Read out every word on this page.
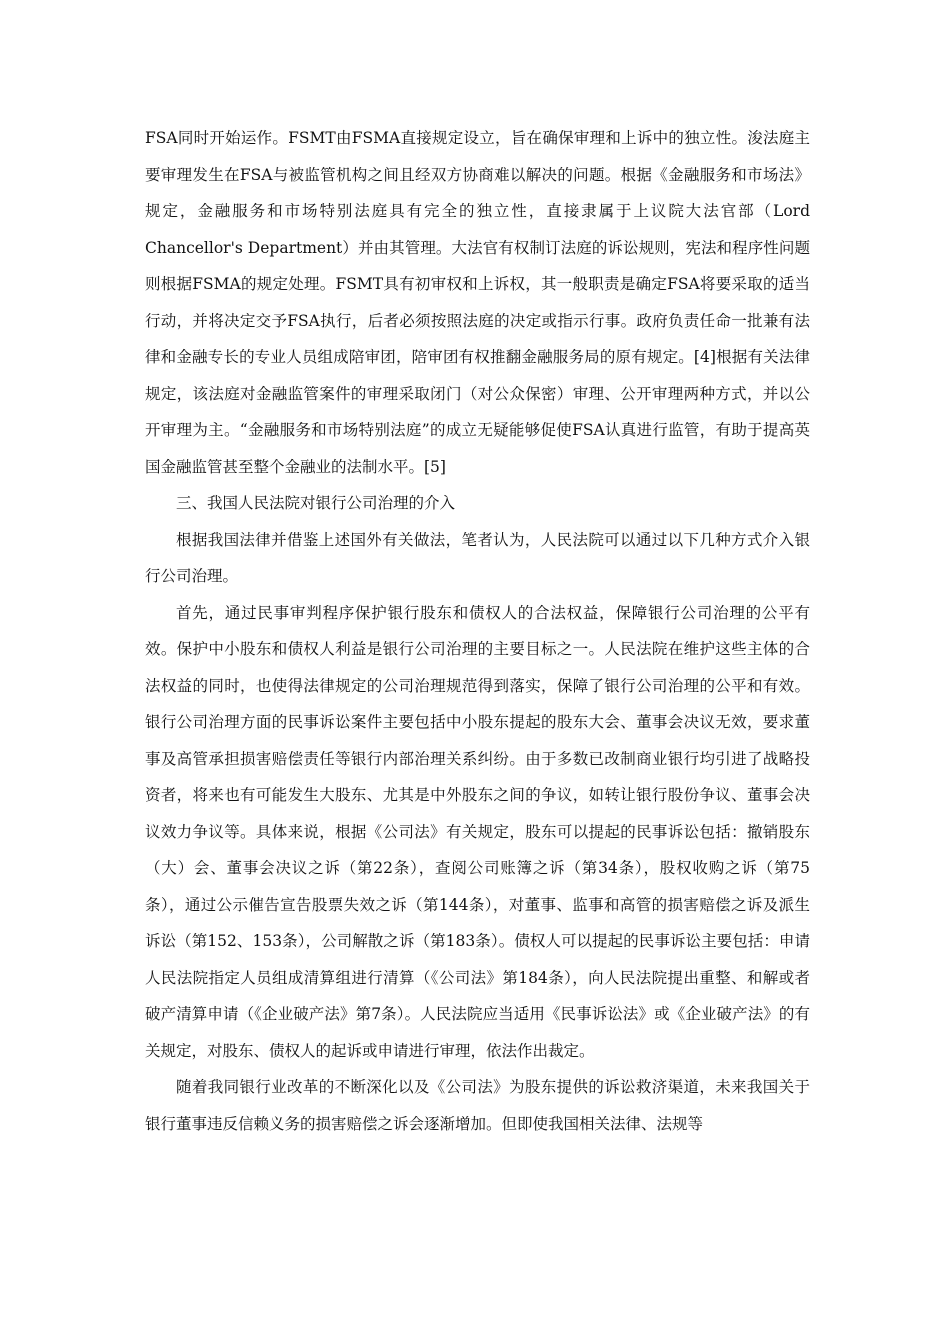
FSA同时开始运作。FSMT由FSMA直接规定设立，旨在确保审理和上诉中的独立性。浚法庭主要审理发生在FSA与被监管机构之间且经双方协商难以解决的问题。根据《金融服务和市场法》规定，金融服务和市场特别法庭具有完全的独立性，直接隶属于上议院大法官部（Lord Chancellor's Department）并由其管理。大法官有权制订法庭的诉讼规则，宪法和程序性问题则根据FSMA的规定处理。FSMT具有初审权和上诉权，其一般职责是确定FSA将要采取的适当行动，并将决定交予FSA执行，后者必须按照法庭的决定或指示行事。政府负责任命一批兼有法律和金融专长的专业人员组成陪审团，陪审团有权推翻金融服务局的原有规定。[4]根据有关法律规定，该法庭对金融监管案件的审理采取闭门（对公众保密）审理、公开审理两种方式，并以公开审理为主。“金融服务和市场特别法庭”的成立无疑能够促使FSA认真进行监管，有助于提高英国金融监管甚至整个金融业的法制水平。[5]

三、我国人民法院对银行公司治理的介入

根据我国法律并借鉴上述国外有关做法，笔者认为，人民法院可以通过以下几种方式介入银行公司治理。

首先，通过民事审判程序保护银行股东和债权人的合法权益，保障银行公司治理的公平有效。保护中小股东和债权人利益是银行公司治理的主要目标之一。人民法院在维护这些主体的合法权益的同时，也使得法律规定的公司治理规范得到落实，保障了银行公司治理的公平和有效。银行公司治理方面的民事诉讼案件主要包括中小股东提起的股东大会、董事会决议无效，要求董事及高管承担损害赔偿责任等银行内部治理关系纠纷。由于多数已改制商业银行均引进了战略投资者，将来也有可能发生大股东、尤其是中外股东之间的争议，如转让银行股份争议、董事会决议效力争议等。具体来说，根据《公司法》有关规定，股东可以提起的民事诉讼包括：撤销股东（大）会、董事会决议之诉（第22条），查阅公司账簿之诉（第34条），股权收购之诉（第75条），通过公示催告宣告股票失效之诉（第144条），对董事、监事和高管的损害赔偿之诉及派生诉讼（第152、153条），公司解散之诉（第183条）。债权人可以提起的民事诉讼主要包括：申请人民法院指定人员组成清算组进行清算（《公司法》第184条），向人民法院提出重整、和解或者破产清算申请（《企业破产法》第7条）。人民法院应当适用《民事诉讼法》或《企业破产法》的有关规定，对股东、债权人的起诉或申请进行审理，依法作出裁定。

随着我同银行业改革的不断深化以及《公司法》为股东提供的诉讼救济渠道，未来我国关于银行董事违反信赖义务的损害赔偿之诉会逐渐增加。但即使我国相关法律、法规等
